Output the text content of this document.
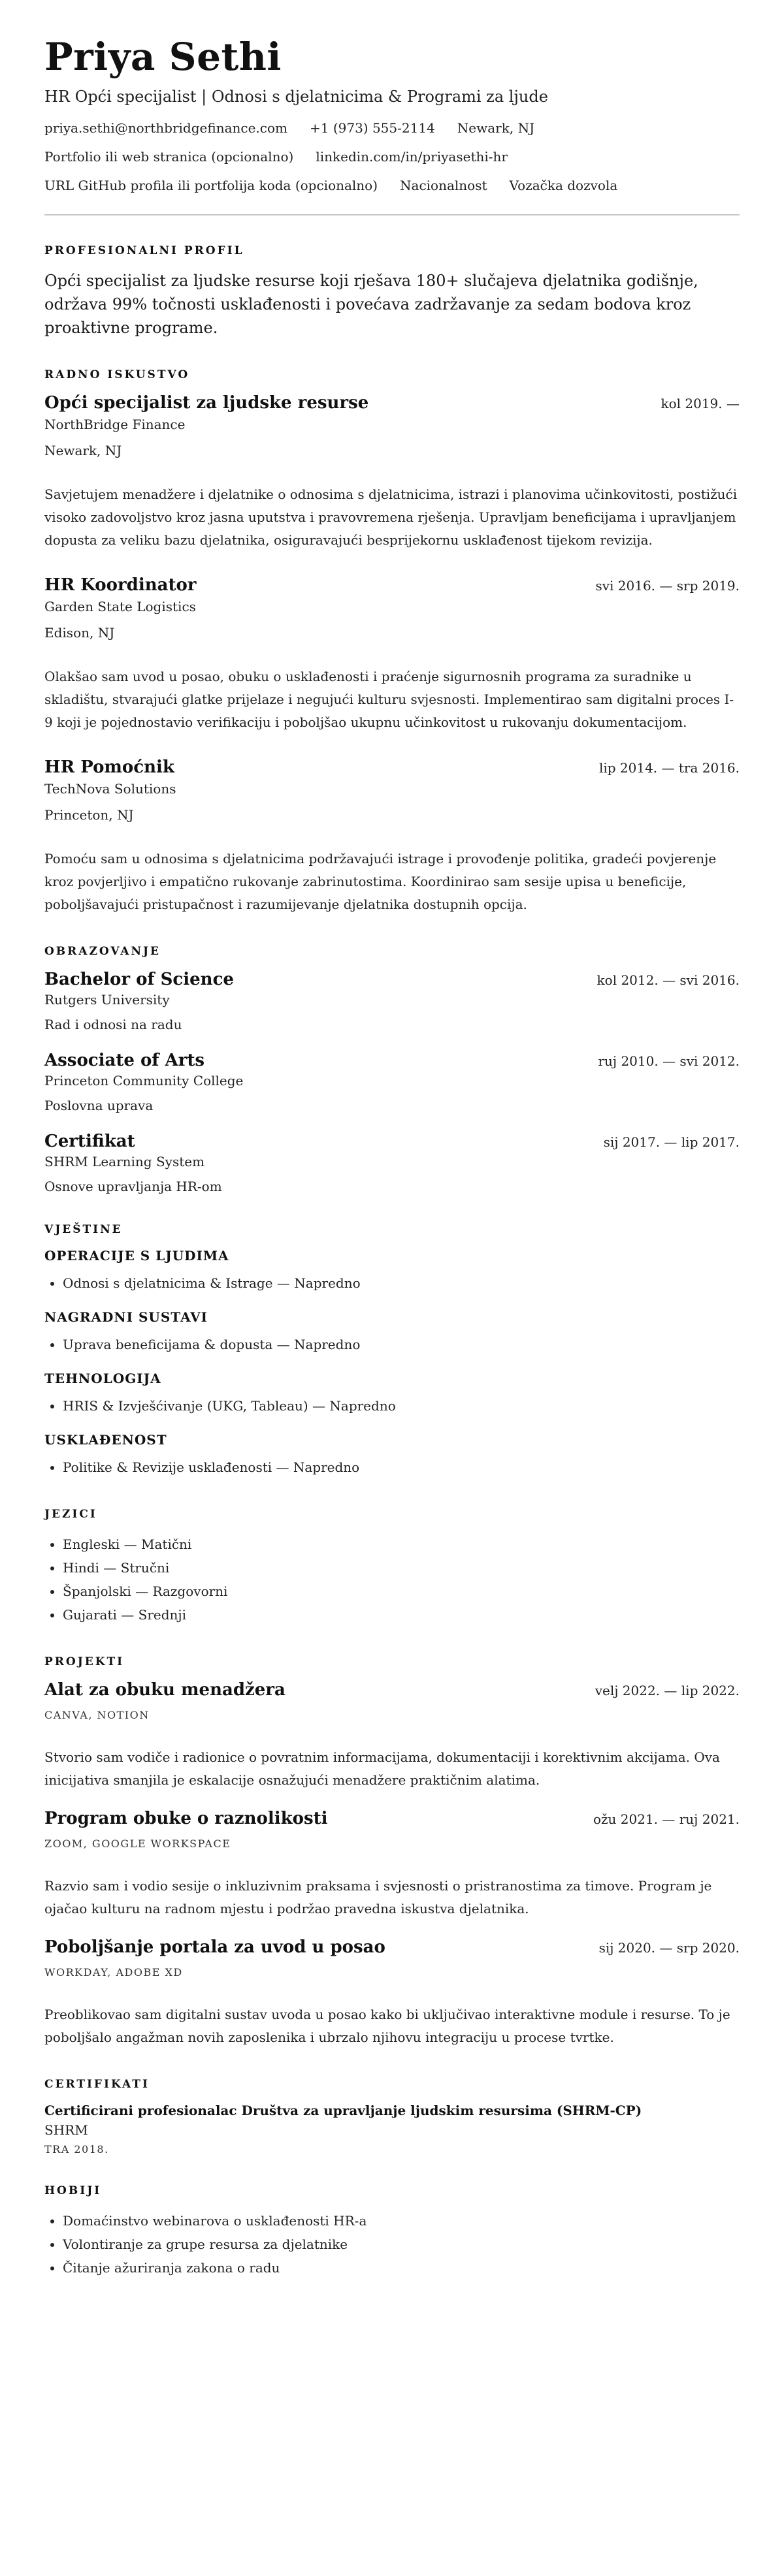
Priya Sethi
HR Opći specijalist | Odnosi s djelatnicima & Programi za ljude
priya.sethi@northbridgefinance.com +1 (973) 555-2114 Newark, NJ
Portfolio ili web stranica (opcionalno) linkedin.com/in/priyasethi-hr
URL GitHub profila ili portfolija koda (opcionalno) Nacionalnost Vozačka dozvola
PROFESIONALNI PROFIL

Opći specijalist za ljudske resurse koji rješava 180+ slučajeva djelatnika godišnje, održava 99% točnosti usklađenosti i povećava zadržavanje za sedam bodova kroz proaktivne programe.

RADNO ISKUSTVO
Opći specijalist za ljudske resurse	kol 2019. —
NorthBridge Finance
Newark, NJ

Savjetujem menadžere i djelatnike o odnosima s djelatnicima, istrazi i planovima učinkovitosti, postižući visoko zadovoljstvo kroz jasna uputstva i pravovremena rješenja. Upravljam beneficijama i upravljanjem dopusta za veliku bazu djelatnika, osiguravajući besprijekornu usklađenost tijekom revizija.

HR Koordinator	svi 2016. — srp 2019.
Garden State Logistics
Edison, NJ

Olakšao sam uvod u posao, obuku o usklađenosti i praćenje sigurnosnih programa za suradnike u skladištu, stvarajući glatke prijelaze i negujući kulturu svjesnosti. Implementirao sam digitalni proces I-9 koji je pojednostavio verifikaciju i poboljšao ukupnu učinkovitost u rukovanju dokumentacijom.

HR Pomoćnik	lip 2014. — tra 2016.
TechNova Solutions
Princeton, NJ

Pomoću sam u odnosima s djelatnicima podržavajući istrage i provođenje politika, gradeći povjerenje kroz povjerljivo i empatično rukovanje zabrinutostima. Koordinirao sam sesije upisa u beneficije, poboljšavajući pristupačnost i razumijevanje djelatnika dostupnih opcija.

OBRAZOVANJE
Bachelor of Science	kol 2012. — svi 2016.
Rutgers University
Rad i odnosi na radu
Associate of Arts	ruj 2010. — svi 2012.
Princeton Community College
Poslovna uprava
Certifikat	sij 2017. — lip 2017.
SHRM Learning System
Osnove upravljanja HR-om
VJEŠTINE
OPERACIJE S LJUDIMA
• Odnosi s djelatnicima & Istrage — Napredno
NAGRADNI SUSTAVI
• Uprava beneficijama & dopusta — Napredno
TEHNOLOGIJA
• HRIS & Izvješćivanje (UKG, Tableau) — Napredno
USKLAĐENOST
• Politike & Revizije usklađenosti — Napredno
JEZICI
• Engleski — Matični
• Hindi — Stručni
• Španjolski — Razgovorni
• Gujarati — Srednji
PROJEKTI
Alat za obuku menadžera	velj 2022. — lip 2022.
CANVA, NOTION

Stvorio sam vodiče i radionice o povratnim informacijama, dokumentaciji i korektivnim akcijama. Ova inicijativa smanjila je eskalacije osnažujući menadžere praktičnim alatima.

Program obuke o raznolikosti	ožu 2021. — ruj 2021.
ZOOM, GOOGLE WORKSPACE

Razvio sam i vodio sesije o inkluzivnim praksama i svjesnosti o pristranostima za timove. Program je ojačao kulturu na radnom mjestu i podržao pravedna iskustva djelatnika.

Poboljšanje portala za uvod u posao	sij 2020. — srp 2020.
WORKDAY, ADOBE XD

Preoblikovao sam digitalni sustav uvoda u posao kako bi uključivao interaktivne module i resurse. To je poboljšalo angažman novih zaposlenika i ubrzalo njihovu integraciju u procese tvrtke.

CERTIFIKATI
Certificirani profesionalac Društva za upravljanje ljudskim resursima (SHRM-CP)
SHRM
TRA 2018.
HOBIJI
• Domaćinstvo webinarova o usklađenosti HR-a
• Volontiranje za grupe resursa za djelatnike
• Čitanje ažuriranja zakona o radu
